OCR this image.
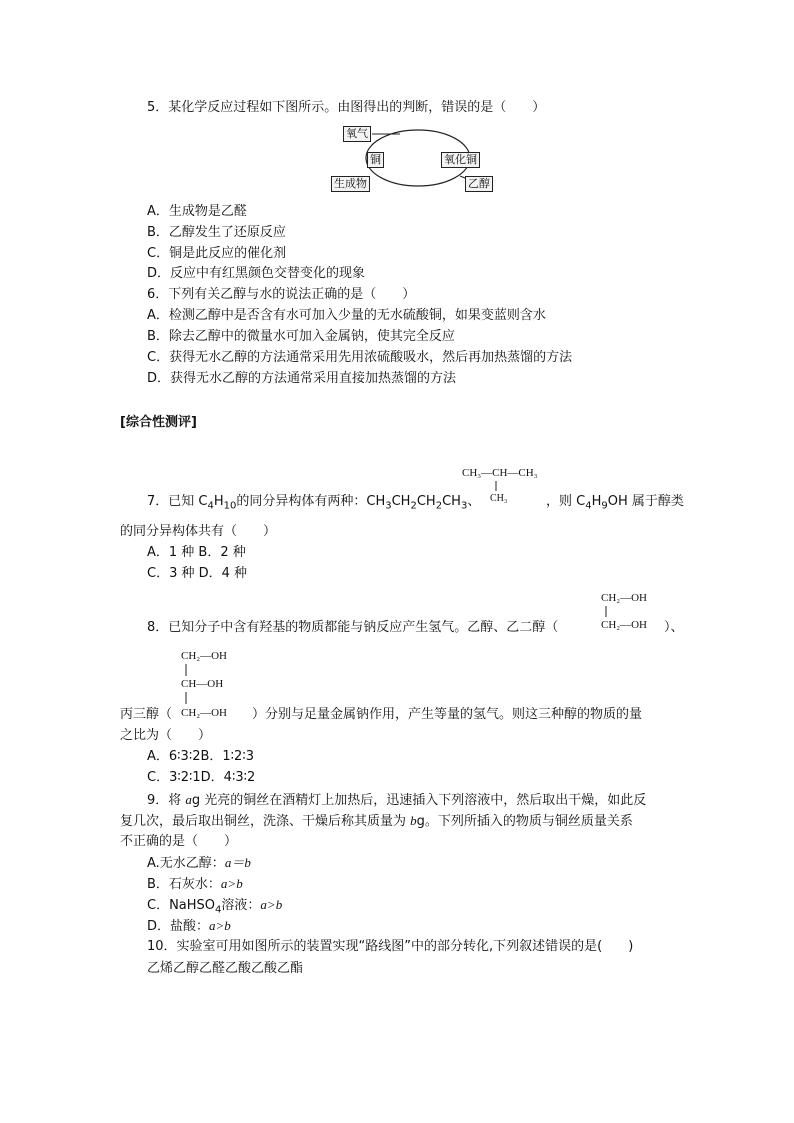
5．某化学反应过程如下图所示。由图得出的判断，错误的是（　　）
氧气
铜	氧化铜
生成物	乙醇
A．生成物是乙醛
B．乙醇发生了还原反应
C．铜是此反应的催化剂
D．反应中有红黑颜色交替变化的现象
6．下列有关乙醇与水的说法正确的是（　　）
A．检测乙醇中是否含有水可加入少量的无水硫酸铜，如果变蓝则含水
B．除去乙醇中的微量水可加入金属钠，使其完全反应
C．获得无水乙醇的方法通常采用先用浓硫酸吸水，然后再加热蒸馏的方法
D．获得无水乙醇的方法通常采用直接加热蒸馏的方法
[综合性测评]
CH₃—CH—CH₃
CH₃
7．已知 $C_4H_{10}$的同分异构体有两种：$CH_3CH_2CH_2CH_3$、	，则 $C_4H_9OH$ 属于醇类
的同分异构体共有（　　）
A．1 种 B．2 种
C．3 种 D．4 种
CH₂—OH
8．已知分子中含有羟基的物质都能与钠反应产生氢气。乙醇、乙二醇（	CH₂—OH ）、
CH₂—OH
CH—OH
丙三醇（ CH₂—OH ）分别与足量金属钠作用，产生等量的氢气。则这三种醇的物质的量
之比为（　　）
A．6∶3∶2B．1∶2∶3
C．3∶2∶1D．4∶3∶2
9．将 ag 光亮的铜丝在酒精灯上加热后，迅速插入下列溶液中，然后取出干燥，如此反
复几次，最后取出铜丝，洗涤、干燥后称其质量为 bg。下列所插入的物质与铜丝质量关系
不正确的是（　　）
A.无水乙醇：a＝b
B．石灰水：a>b
C．NaHSO$_4$溶液：a>b
D．盐酸：a>b
10．实验室可用如图所示的装置实现“路线图”中的部分转化,下列叙述错误的是(　　)
乙烯乙醇乙醛乙酸乙酸乙酯
